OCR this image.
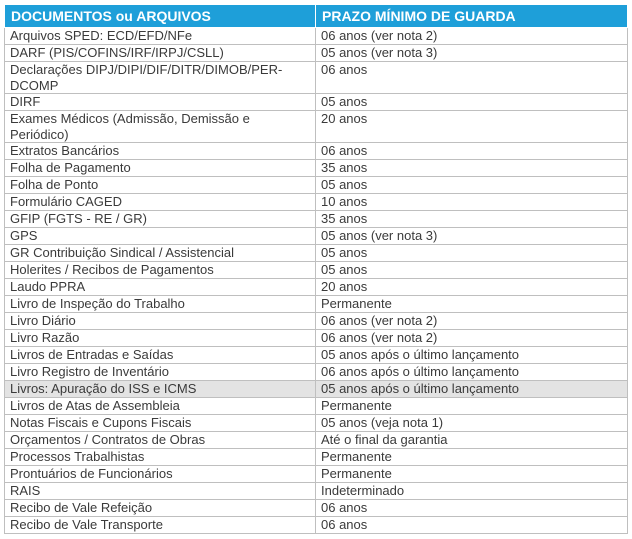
DOCUMENTOS ou ARQUIVOS	PRAZO MÍNIMO DE GUARDA
Arquivos SPED: ECD/EFD/NFe	06 anos (ver nota 2)
DARF (PIS/COFINS/IRF/IRPJ/CSLL)	05 anos (ver nota 3)
Declarações DIPJ/DIPI/DIF/DITR/DIMOB/PER-DCOMP	06 anos
DIRF	05 anos
Exames Médicos (Admissão, Demissão e Periódico)	20 anos
Extratos Bancários	06 anos
Folha de Pagamento	35 anos
Folha de Ponto	05 anos
Formulário CAGED	10 anos
GFIP (FGTS - RE / GR)	35 anos
GPS	05 anos (ver nota 3)
GR Contribuição Sindical / Assistencial	05 anos
Holerites / Recibos de Pagamentos	05 anos
Laudo PPRA	20 anos
Livro de Inspeção do Trabalho	Permanente
Livro Diário	06 anos (ver nota 2)
Livro Razão	06 anos (ver nota 2)
Livros de Entradas e Saídas	05 anos após o último lançamento
Livro Registro de Inventário	06 anos após o último lançamento
Livros: Apuração do ISS e ICMS	05 anos após o último lançamento
Livros de Atas de Assembleia	Permanente
Notas Fiscais e Cupons Fiscais	05 anos (veja nota 1)
Orçamentos / Contratos de Obras	Até o final da garantia
Processos Trabalhistas	Permanente
Prontuários de Funcionários	Permanente
RAIS	Indeterminado
Recibo de Vale Refeição	06 anos
Recibo de Vale Transporte	06 anos
